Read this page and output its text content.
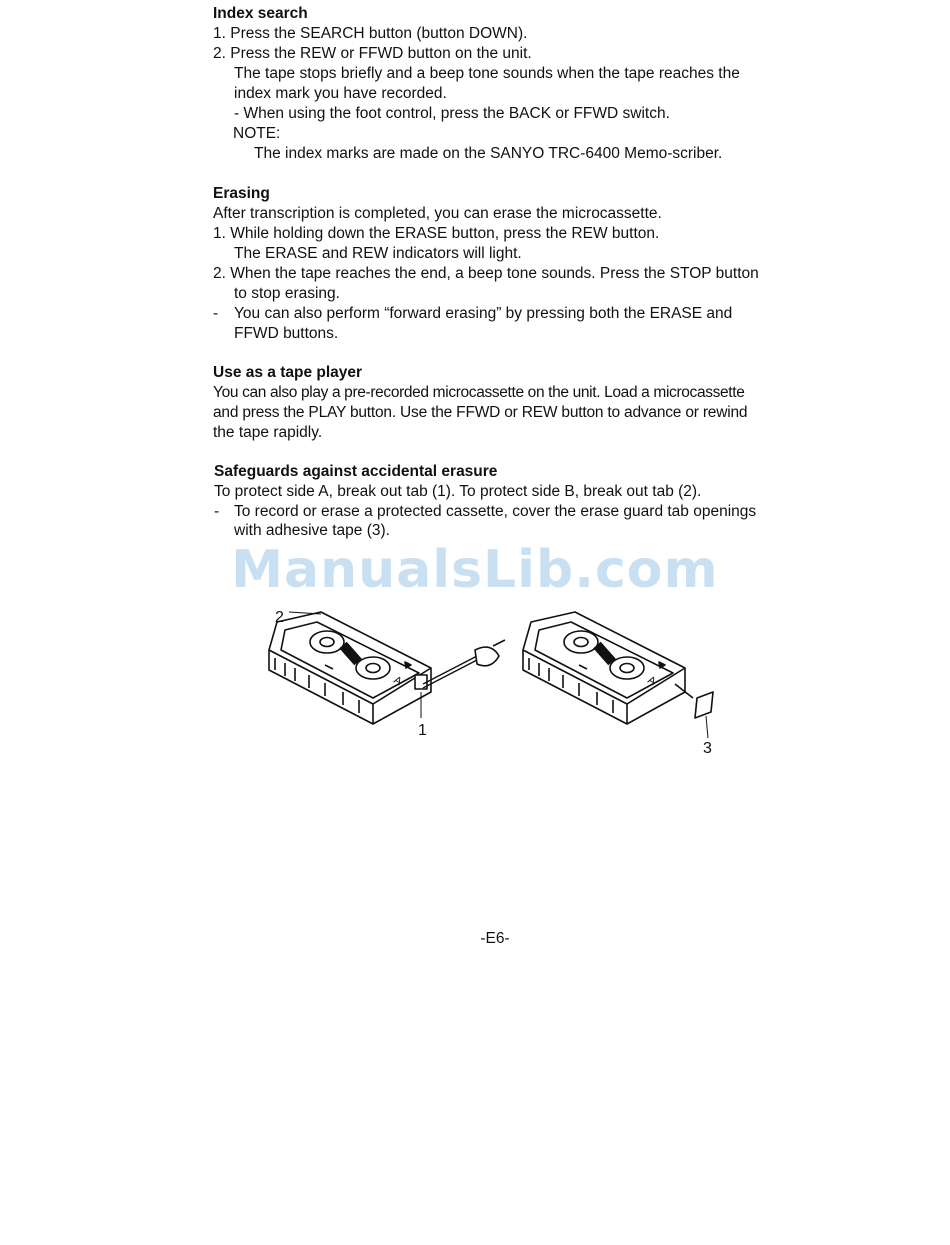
Index search
1. Press the SEARCH button (button DOWN).
2. Press the REW or FFWD button on the unit.
The tape stops briefly and a beep tone sounds when the tape reaches the
index mark you have recorded.
- When using the foot control, press the BACK or FFWD switch.
NOTE:
The index marks are made on the SANYO TRC-6400 Memo-scriber.
Erasing
After transcription is completed, you can erase the microcassette.
1. While holding down the ERASE button, press the REW button.
The ERASE and REW indicators will light.
2. When the tape reaches the end, a beep tone sounds. Press the STOP button
to stop erasing.
- You can also perform “forward erasing” by pressing both the ERASE and
FFWD buttons.
Use as a tape player
You can also play a pre-recorded microcassette on the unit. Load a microcassette
and press the PLAY button. Use the FFWD or REW button to advance or rewind
the tape rapidly.
Safeguards against accidental erasure
To protect side A, break out tab (1). To protect side B, break out tab (2).
- To record or erase a protected cassette, cover the erase guard tab openings
with adhesive tape (3).
ManualsLib.com
2
1
3
A	A
-E6-
